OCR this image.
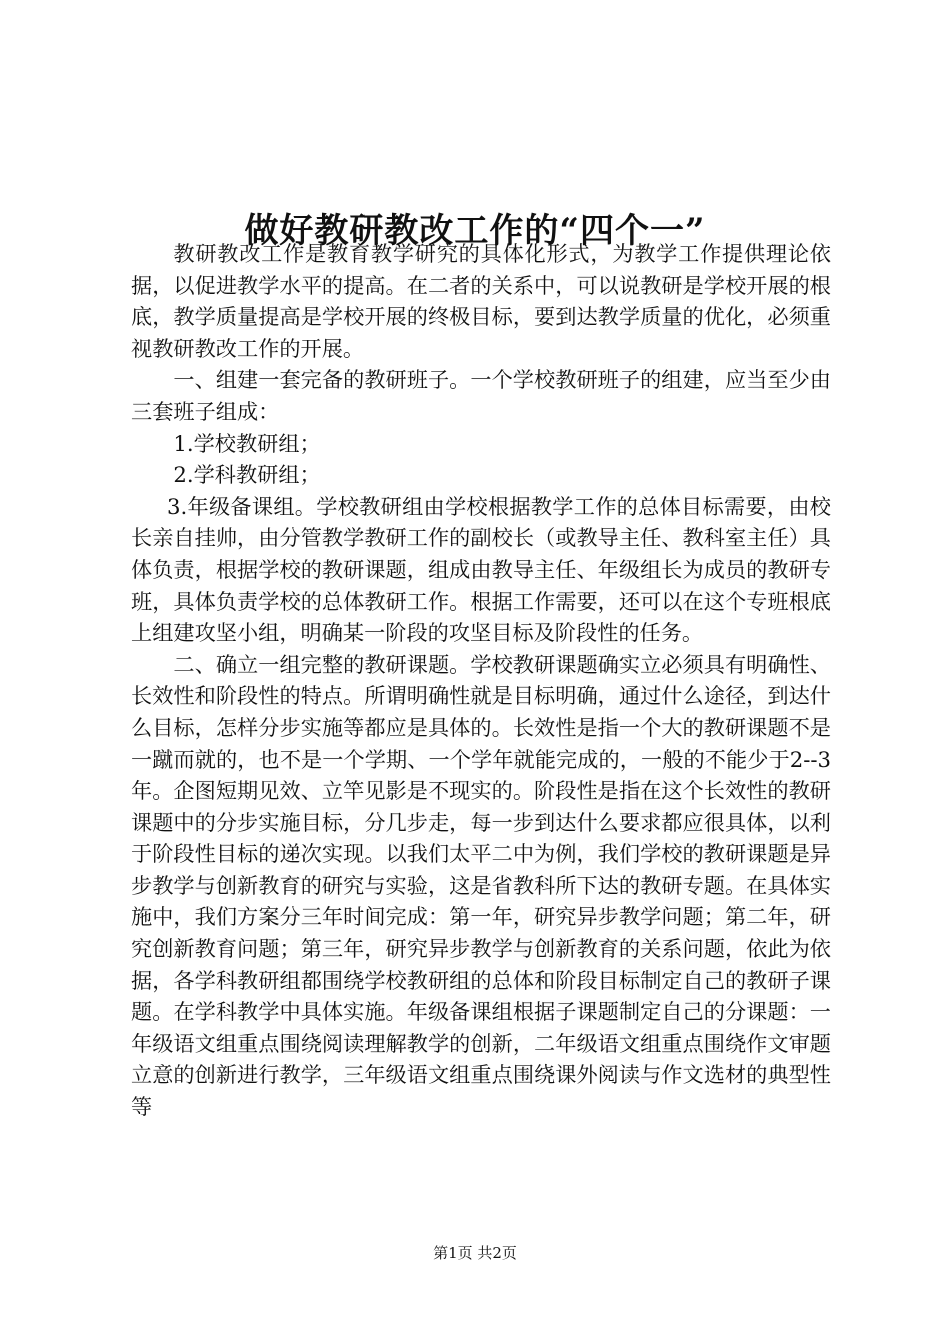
做好教研教改工作的“四个一”

教研教改工作是教育教学研究的具体化形式，为教学工作提供理论依据，以促进教学水平的提高。在二者的关系中，可以说教研是学校开展的根底，教学质量提高是学校开展的终极目标，要到达教学质量的优化，必须重视教研教改工作的开展。

一、组建一套完备的教研班子。一个学校教研班子的组建，应当至少由三套班子组成：

1.学校教研组；

2.学科教研组；

3.年级备课组。学校教研组由学校根据教学工作的总体目标需要，由校长亲自挂帅，由分管教学教研工作的副校长（或教导主任、教科室主任）具体负责，根据学校的教研课题，组成由教导主任、年级组长为成员的教研专班，具体负责学校的总体教研工作。根据工作需要，还可以在这个专班根底上组建攻坚小组，明确某一阶段的攻坚目标及阶段性的任务。

二、确立一组完整的教研课题。学校教研课题确实立必须具有明确性、长效性和阶段性的特点。所谓明确性就是目标明确，通过什么途径，到达什么目标，怎样分步实施等都应是具体的。长效性是指一个大的教研课题不是一蹴而就的，也不是一个学期、一个学年就能完成的，一般的不能少于2--3年。企图短期见效、立竿见影是不现实的。阶段性是指在这个长效性的教研课题中的分步实施目标，分几步走，每一步到达什么要求都应很具体，以利于阶段性目标的递次实现。以我们太平二中为例，我们学校的教研课题是异步教学与创新教育的研究与实验，这是省教科所下达的教研专题。在具体实施中，我们方案分三年时间完成：第一年，研究异步教学问题；第二年，研究创新教育问题；第三年，研究异步教学与创新教育的关系问题，依此为依据，各学科教研组都围绕学校教研组的总体和阶段目标制定自己的教研子课题。在学科教学中具体实施。年级备课组根据子课题制定自己的分课题：一年级语文组重点围绕阅读理解教学的创新，二年级语文组重点围绕作文审题立意的创新进行教学，三年级语文组重点围绕课外阅读与作文选材的典型性等

第1页 共2页
